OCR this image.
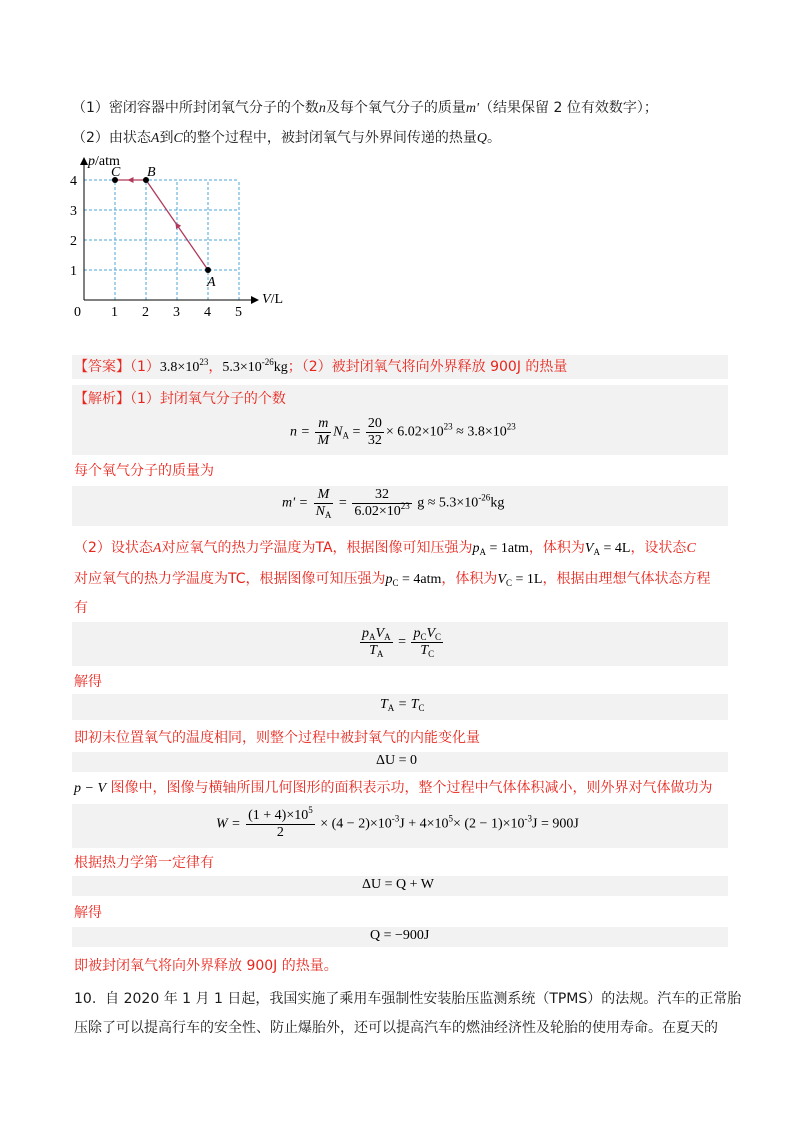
（1）密闭容器中所封闭氧气分子的个数n及每个氧气分子的质量m'（结果保留 2 位有效数字）；
（2）由状态A到C的整个过程中，被封闭氧气与外界间传递的热量Q。
p/atm
V/L
0 1 2 3 4 5
1
2
3
4
A
B
C
【答案】$(1)3.8\times 10^{23}$，$5.3\times 10^{-26}kg$；（2）被封闭氧气将向外界释放 900J 的热量
【解析】（1）封闭氧气分子的个数
$n = \frac{m}{M} N_A = \frac{20}{32} \times 6.02\times 10^{23} \approx 3.8\times 10^{23}$
每个氧气分子的质量为
$m' = \frac{M}{N_A} = \frac{32}{6.02\times 10^{23}}$ $g \approx 5.3\times 10^{-26}kg$
（2）设状态A对应氧气的热力学温度为TA，根据图像可知压强为$p_A = 1atm$，体积为$V_A = 4L$，设状态C
对应氧气的热力学温度为TC，根据图像可知压强为$p_C = 4atm$，体积为$V_C = 1L$，根据由理想气体状态方程
有
$\frac{p_AV_A}{T_A} = \frac{p_CV_C}{T_C}$
解得
$T_A = T_C$
即初末位置氧气的温度相同，则整个过程中被封氧气的内能变化量
ΔU = 0
p − V 图像中，图像与横轴所围几何图形的面积表示功，整个过程中气体体积减小，则外界对气体做功为
$W = \frac{(1 + 4)\times 10^5}{2} \times (4 - 2)\times 10^{-3}J + 4\times 10^5\times (2 - 1)\times 10^{-3}J = 900J$
根据热力学第一定律有
ΔU = Q + W
解得
Q = −900J
即被封闭氧气将向外界释放 900J 的热量。
10. 自 2020 年 1 月 1 日起，我国实施了乘用车强制性安装胎压监测系统（TPMS）的法规。汽车的正常胎
压除了可以提高行车的安全性、防止爆胎外，还可以提高汽车的燃油经济性及轮胎的使用寿命。在夏天的
